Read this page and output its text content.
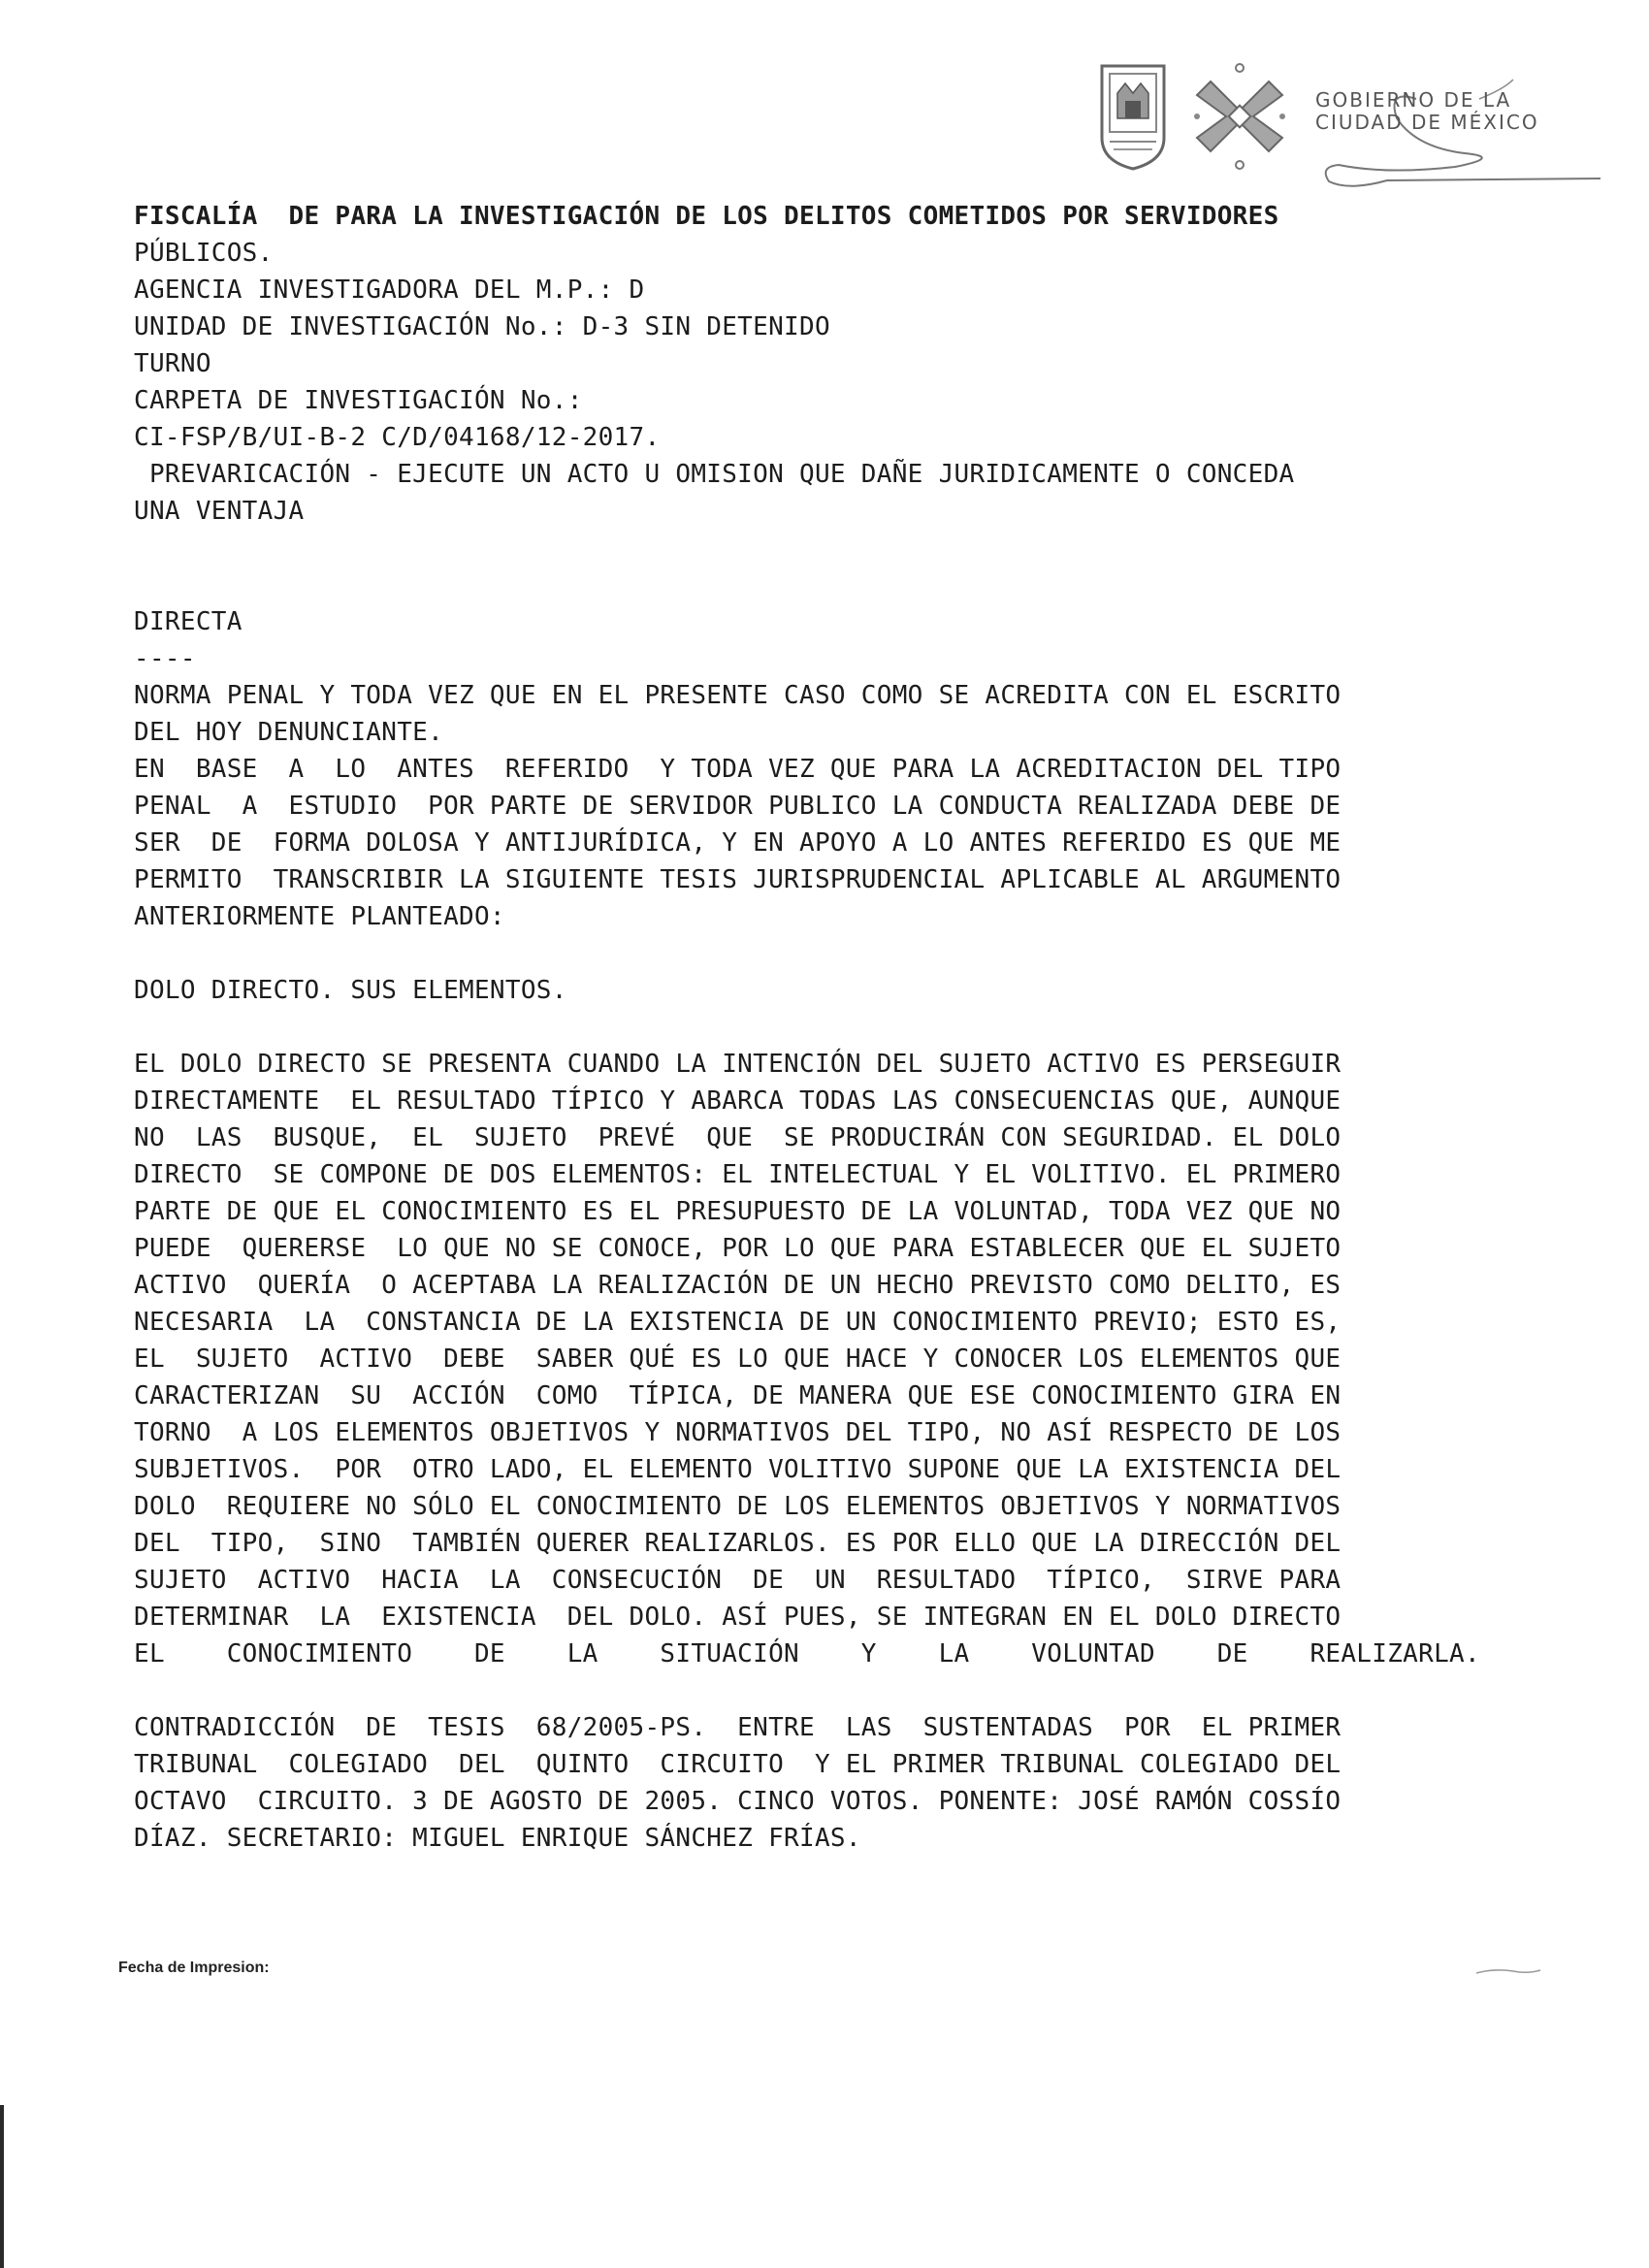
GOBIERNO DE LA
CIUDAD DE MÉXICO
FISCALÍA  DE PARA LA INVESTIGACIÓN DE LOS DELITOS COMETIDOS POR SERVIDORES
PÚBLICOS.
AGENCIA INVESTIGADORA DEL M.P.: D
UNIDAD DE INVESTIGACIÓN No.: D-3 SIN DETENIDO
TURNO
CARPETA DE INVESTIGACIÓN No.:
CI-FSP/B/UI-B-2 C/D/04168/12-2017.
PREVARICACIÓN - EJECUTE UN ACTO U OMISION QUE DAÑE JURIDICAMENTE O CONCEDA
UNA VENTAJA
DIRECTA
----
NORMA PENAL Y TODA VEZ QUE EN EL PRESENTE CASO COMO SE ACREDITA CON EL ESCRITO
DEL HOY DENUNCIANTE.
EN  BASE  A  LO  ANTES  REFERIDO  Y TODA VEZ QUE PARA LA ACREDITACION DEL TIPO
PENAL  A  ESTUDIO  POR PARTE DE SERVIDOR PUBLICO LA CONDUCTA REALIZADA DEBE DE
SER  DE  FORMA DOLOSA Y ANTIJURÍDICA, Y EN APOYO A LO ANTES REFERIDO ES QUE ME
PERMITO  TRANSCRIBIR LA SIGUIENTE TESIS JURISPRUDENCIAL APLICABLE AL ARGUMENTO
ANTERIORMENTE PLANTEADO:
DOLO DIRECTO. SUS ELEMENTOS.
EL DOLO DIRECTO SE PRESENTA CUANDO LA INTENCIÓN DEL SUJETO ACTIVO ES PERSEGUIR
DIRECTAMENTE  EL RESULTADO TÍPICO Y ABARCA TODAS LAS CONSECUENCIAS QUE, AUNQUE
NO  LAS  BUSQUE,  EL  SUJETO  PREVÉ  QUE  SE PRODUCIRÁN CON SEGURIDAD. EL DOLO
DIRECTO  SE COMPONE DE DOS ELEMENTOS: EL INTELECTUAL Y EL VOLITIVO. EL PRIMERO
PARTE DE QUE EL CONOCIMIENTO ES EL PRESUPUESTO DE LA VOLUNTAD, TODA VEZ QUE NO
PUEDE  QUERERSE  LO QUE NO SE CONOCE, POR LO QUE PARA ESTABLECER QUE EL SUJETO
ACTIVO  QUERÍA  O ACEPTABA LA REALIZACIÓN DE UN HECHO PREVISTO COMO DELITO, ES
NECESARIA  LA  CONSTANCIA DE LA EXISTENCIA DE UN CONOCIMIENTO PREVIO; ESTO ES,
EL  SUJETO  ACTIVO  DEBE  SABER QUÉ ES LO QUE HACE Y CONOCER LOS ELEMENTOS QUE
CARACTERIZAN  SU  ACCIÓN  COMO  TÍPICA, DE MANERA QUE ESE CONOCIMIENTO GIRA EN
TORNO  A LOS ELEMENTOS OBJETIVOS Y NORMATIVOS DEL TIPO, NO ASÍ RESPECTO DE LOS
SUBJETIVOS.  POR  OTRO LADO, EL ELEMENTO VOLITIVO SUPONE QUE LA EXISTENCIA DEL
DOLO  REQUIERE NO SÓLO EL CONOCIMIENTO DE LOS ELEMENTOS OBJETIVOS Y NORMATIVOS
DEL  TIPO,  SINO  TAMBIÉN QUERER REALIZARLOS. ES POR ELLO QUE LA DIRECCIÓN DEL
SUJETO  ACTIVO  HACIA  LA  CONSECUCIÓN  DE  UN  RESULTADO  TÍPICO,  SIRVE PARA
DETERMINAR  LA  EXISTENCIA  DEL DOLO. ASÍ PUES, SE INTEGRAN EN EL DOLO DIRECTO
EL    CONOCIMIENTO    DE    LA    SITUACIÓN    Y    LA    VOLUNTAD    DE    REALIZARLA.
CONTRADICCIÓN  DE  TESIS  68/2005-PS.  ENTRE  LAS  SUSTENTADAS  POR  EL PRIMER
TRIBUNAL  COLEGIADO  DEL  QUINTO  CIRCUITO  Y EL PRIMER TRIBUNAL COLEGIADO DEL
OCTAVO  CIRCUITO. 3 DE AGOSTO DE 2005. CINCO VOTOS. PONENTE: JOSÉ RAMÓN COSSÍO
DÍAZ. SECRETARIO: MIGUEL ENRIQUE SÁNCHEZ FRÍAS.
Fecha de Impresion:
